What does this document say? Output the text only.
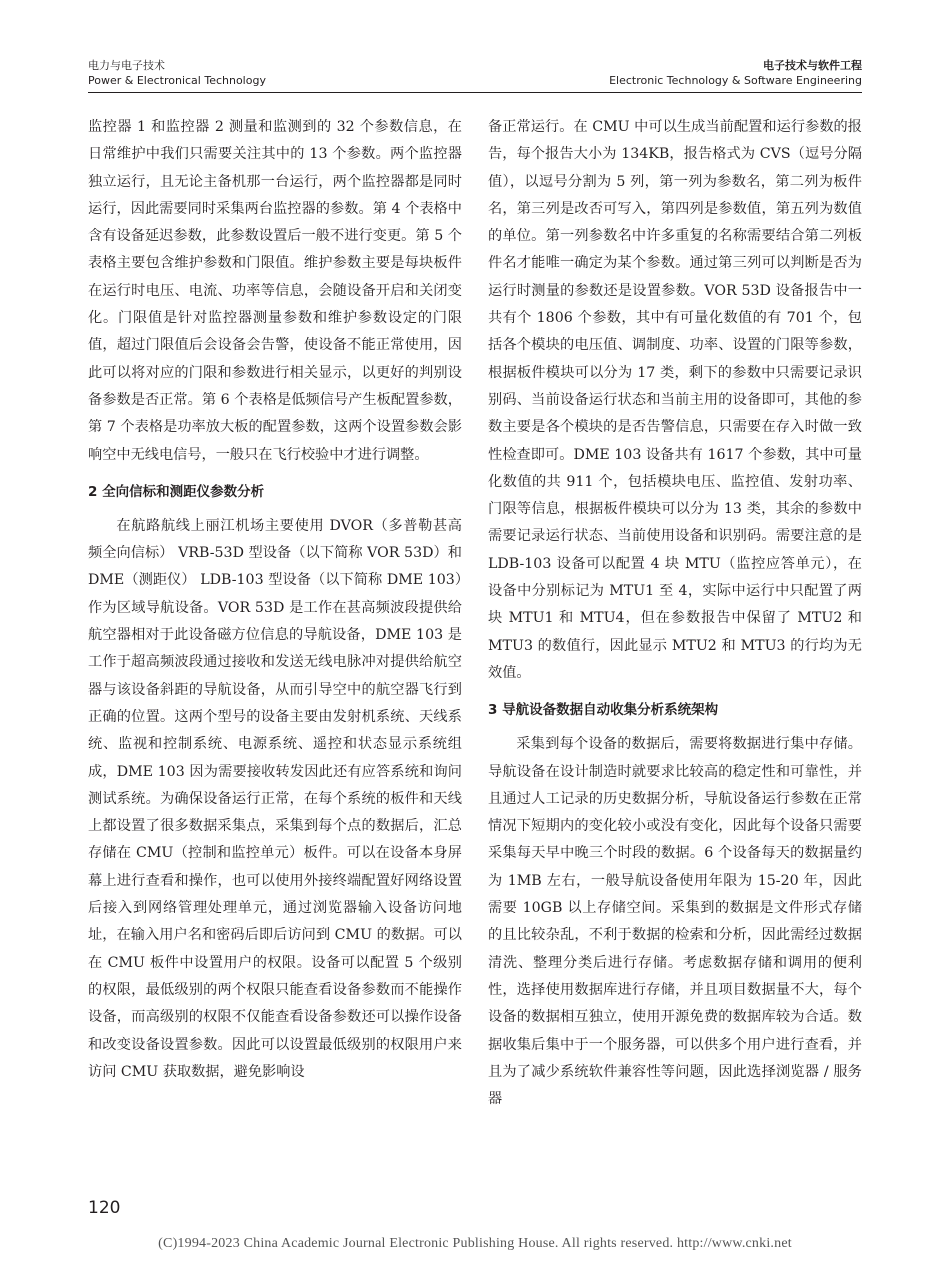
电力与电子技术
Power & Electronical Technology
电子技术与软件工程
Electronic Technology & Software Engineering

监控器 1 和监控器 2 测量和监测到的 32 个参数信息，在日常维护中我们只需要关注其中的 13 个参数。两个监控器独立运行，且无论主备机那一台运行，两个监控器都是同时运行，因此需要同时采集两台监控器的参数。第 4 个表格中含有设备延迟参数，此参数设置后一般不进行变更。第 5 个表格主要包含维护参数和门限值。维护参数主要是每块板件在运行时电压、电流、功率等信息，会随设备开启和关闭变化。门限值是针对监控器测量参数和维护参数设定的门限值，超过门限值后会设备会告警，使设备不能正常使用，因此可以将对应的门限和参数进行相关显示，以更好的判别设备参数是否正常。第 6 个表格是低频信号产生板配置参数，第 7 个表格是功率放大板的配置参数，这两个设置参数会影响空中无线电信号，一般只在飞行校验中才进行调整。

2 全向信标和测距仪参数分析

在航路航线上丽江机场主要使用 DVOR（多普勒甚高频全向信标） VRB-53D 型设备（以下简称 VOR 53D）和 DME（测距仪） LDB-103 型设备（以下简称 DME 103）作为区域导航设备。VOR 53D 是工作在甚高频波段提供给航空器相对于此设备磁方位信息的导航设备，DME 103 是工作于超高频波段通过接收和发送无线电脉冲对提供给航空器与该设备斜距的导航设备，从而引导空中的航空器飞行到正确的位置。这两个型号的设备主要由发射机系统、天线系统、监视和控制系统、电源系统、遥控和状态显示系统组成，DME 103 因为需要接收转发因此还有应答系统和询问测试系统。为确保设备运行正常，在每个系统的板件和天线上都设置了很多数据采集点，采集到每个点的数据后，汇总存储在 CMU（控制和监控单元）板件。可以在设备本身屏幕上进行查看和操作，也可以使用外接终端配置好网络设置后接入到网络管理处理单元，通过浏览器输入设备访问地址，在输入用户名和密码后即后访问到 CMU 的数据。可以在 CMU 板件中设置用户的权限。设备可以配置 5 个级别的权限，最低级别的两个权限只能查看设备参数而不能操作设备，而高级别的权限不仅能查看设备参数还可以操作设备和改变设备设置参数。因此可以设置最低级别的权限用户来访问 CMU 获取数据，避免影响设

备正常运行。在 CMU 中可以生成当前配置和运行参数的报告，每个报告大小为 134KB，报告格式为 CVS（逗号分隔值），以逗号分割为 5 列，第一列为参数名，第二列为板件名，第三列是改否可写入，第四列是参数值，第五列为数值的单位。第一列参数名中许多重复的名称需要结合第二列板件名才能唯一确定为某个参数。通过第三列可以判断是否为运行时测量的参数还是设置参数。VOR 53D 设备报告中一共有个 1806 个参数，其中有可量化数值的有 701 个，包括各个模块的电压值、调制度、功率、设置的门限等参数，根据板件模块可以分为 17 类，剩下的参数中只需要记录识别码、当前设备运行状态和当前主用的设备即可，其他的参数主要是各个模块的是否告警信息，只需要在存入时做一致性检查即可。DME 103 设备共有 1617 个参数，其中可量化数值的共 911 个，包括模块电压、监控值、发射功率、门限等信息，根据板件模块可以分为 13 类，其余的参数中需要记录运行状态、当前使用设备和识别码。需要注意的是 LDB-103 设备可以配置 4 块 MTU（监控应答单元），在设备中分别标记为 MTU1 至 4，实际中运行中只配置了两块 MTU1 和 MTU4，但在参数报告中保留了 MTU2 和 MTU3 的数值行，因此显示 MTU2 和 MTU3 的行均为无效值。

3 导航设备数据自动收集分析系统架构

采集到每个设备的数据后，需要将数据进行集中存储。导航设备在设计制造时就要求比较高的稳定性和可靠性，并且通过人工记录的历史数据分析，导航设备运行参数在正常情况下短期内的变化较小或没有变化，因此每个设备只需要采集每天早中晚三个时段的数据。6 个设备每天的数据量约为 1MB 左右，一般导航设备使用年限为 15-20 年，因此需要 10GB 以上存储空间。采集到的数据是文件形式存储的且比较杂乱，不利于数据的检索和分析，因此需经过数据清洗、整理分类后进行存储。考虑数据存储和调用的便利性，选择使用数据库进行存储，并且项目数据量不大，每个设备的数据相互独立，使用开源免费的数据库较为合适。数据收集后集中于一个服务器，可以供多个用户进行查看，并且为了减少系统软件兼容性等问题，因此选择浏览器 / 服务器

120
(C)1994-2023 China Academic Journal Electronic Publishing House. All rights reserved. http://www.cnki.net
